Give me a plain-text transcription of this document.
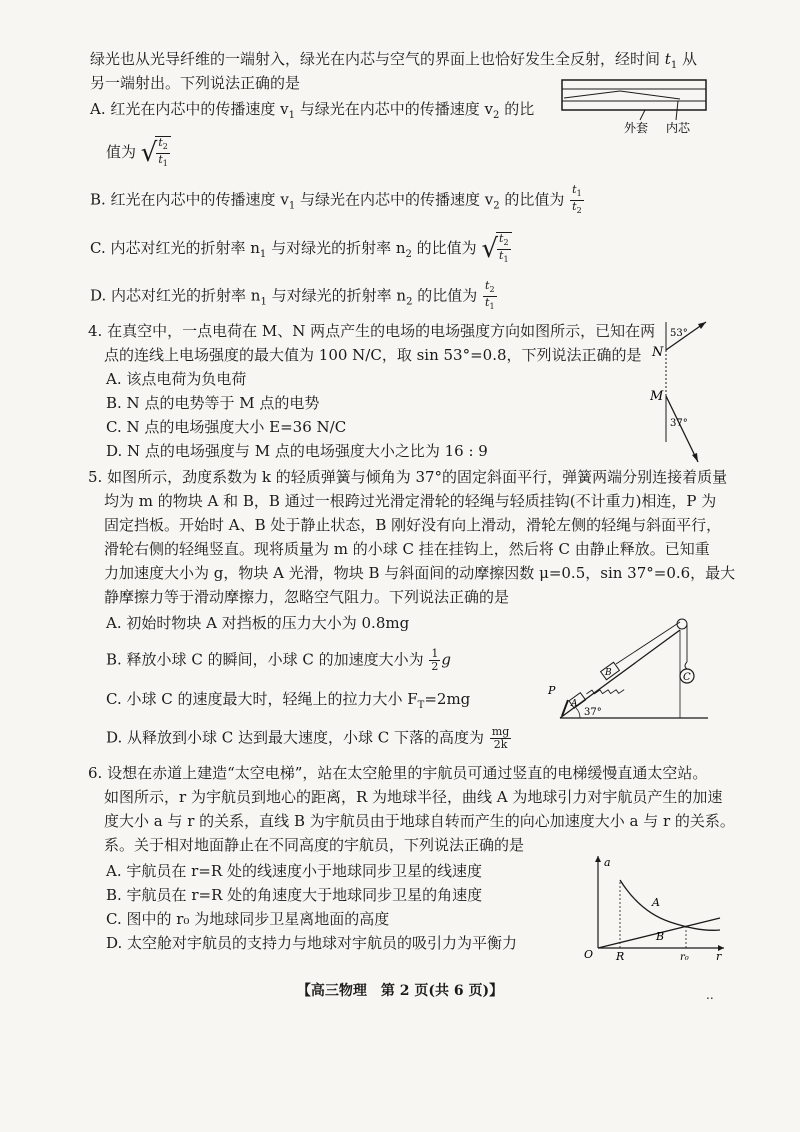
绿光也从光导纤维的一端射入，绿光在内芯与空气的界面上也恰好发生全反射，经时间 $t_1$ 从
另一端射出。下列说法正确的是
外套 内芯
A. 红光在内芯中的传播速度 $v_1$ 与绿光在内芯中的传播速度 $v_2$ 的比
值为 √ $\frac{t_2}{t_1}$
B. 红光在内芯中的传播速度 $v_1$ 与绿光在内芯中的传播速度 $v_2$ 的比值为 $\frac{t_1}{t_2}$
C. 内芯对红光的折射率 $n_1$ 与对绿光的折射率 $n_2$ 的比值为 √ $\frac{t_2}{t_1}$
D. 内芯对红光的折射率 $n_1$ 与对绿光的折射率 $n_2$ 的比值为 $\frac{t_2}{t_1}$
4. 在真空中，一点电荷在 M、N 两点产生的电场的电场强度方向如图所示，已知在两
点的连线上电场强度的最大值为 100 N/C，取 sin 53°=0.8，下列说法正确的是
A. 该点电荷为负电荷
B. N 点的电势等于 M 点的电势
C. N 点的电场强度大小 E=36 N/C
D. N 点的电场强度与 M 点的电场强度大小之比为 16 : 9
53°
37°
N
M
5. 如图所示，劲度系数为 k 的轻质弹簧与倾角为 37°的固定斜面平行，弹簧两端分别连接着质量
均为 m 的物块 A 和 B，B 通过一根跨过光滑定滑轮的轻绳与轻质挂钩(不计重力)相连，P 为
固定挡板。开始时 A、B 处于静止状态，B 刚好没有向上滑动，滑轮左侧的轻绳与斜面平行，
滑轮右侧的轻绳竖直。现将质量为 m 的小球 C 挂在挂钩上，然后将 C 由静止释放。已知重
力加速度大小为 g，物块 A 光滑，物块 B 与斜面间的动摩擦因数 μ=0.5，sin 37°=0.6，最大
静摩擦力等于滑动摩擦力，忽略空气阻力。下列说法正确的是
A. 初始时物块 A 对挡板的压力大小为 0.8mg
B. 释放小球 C 的瞬间，小球 C 的加速度大小为 $\frac{1}{2}$ g
C. 小球 C 的速度最大时，轻绳上的拉力大小 $F_T=2mg$
D. 从释放到小球 C 达到最大速度，小球 C 下落的高度为 $\frac{mg}{2k}$
P
A
B	C
37°
6. 设想在赤道上建造“太空电梯”，站在太空舱里的宇航员可通过竖直的电梯缓慢直通太空站。
如图所示，r 为宇航员到地心的距离，R 为地球半径，曲线 A 为地球引力对宇航员产生的加速
度大小 a 与 r 的关系，直线 B 为宇航员由于地球自转而产生的向心加速度大小 a 与 r 的关系。
系。关于相对地面静止在不同高度的宇航员，下列说法正确的是
A. 宇航员在 r=R 处的线速度小于地球同步卫星的线速度
B. 宇航员在 r=R 处的角速度大于地球同步卫星的角速度
C. 图中的 r₀ 为地球同步卫星离地面的高度
D. 太空舱对宇航员的支持力与地球对宇航员的吸引力为平衡力
a
r
O R
A
B
r₀
【高三物理　第 2 页(共 6 页)】	..
